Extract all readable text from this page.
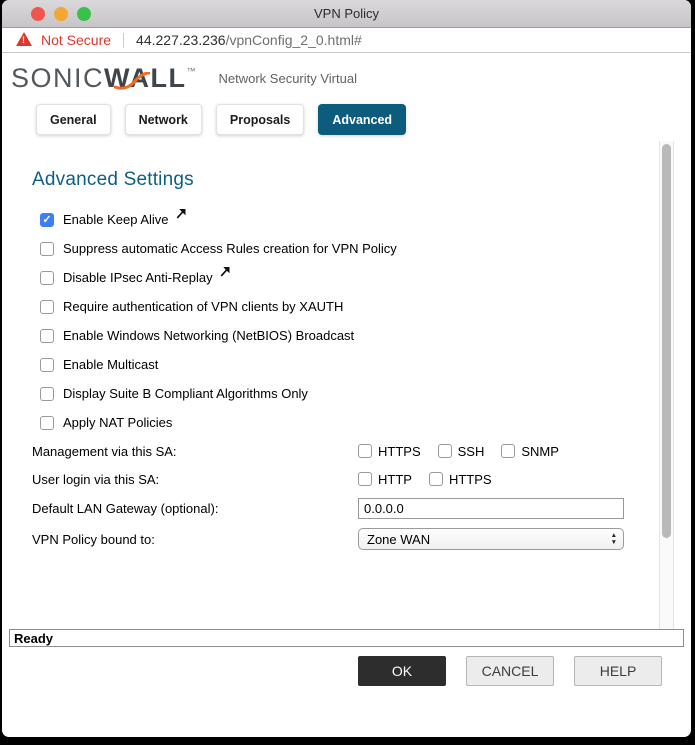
VPN Policy
!
Not Secure 44.227.23.236/vpnConfig_2_0.html#
SONICWALL™ Network Security Virtual
General	Network	Proposals	Advanced
Advanced Settings
✓ Enable Keep Alive
Suppress automatic Access Rules creation for VPN Policy
Disable IPsec Anti-Replay
Require authentication of VPN clients by XAUTH
Enable Windows Networking (NetBIOS) Broadcast
Enable Multicast
Display Suite B Compliant Algorithms Only
Apply NAT Policies
Management via this SA:	HTTPS	SSH	SNMP
User login via this SA:	HTTP	HTTPS
Default LAN Gateway (optional):
0.0.0.0
VPN Policy bound to:	Zone WAN	▲
▼
Ready
OK	CANCEL	HELP
